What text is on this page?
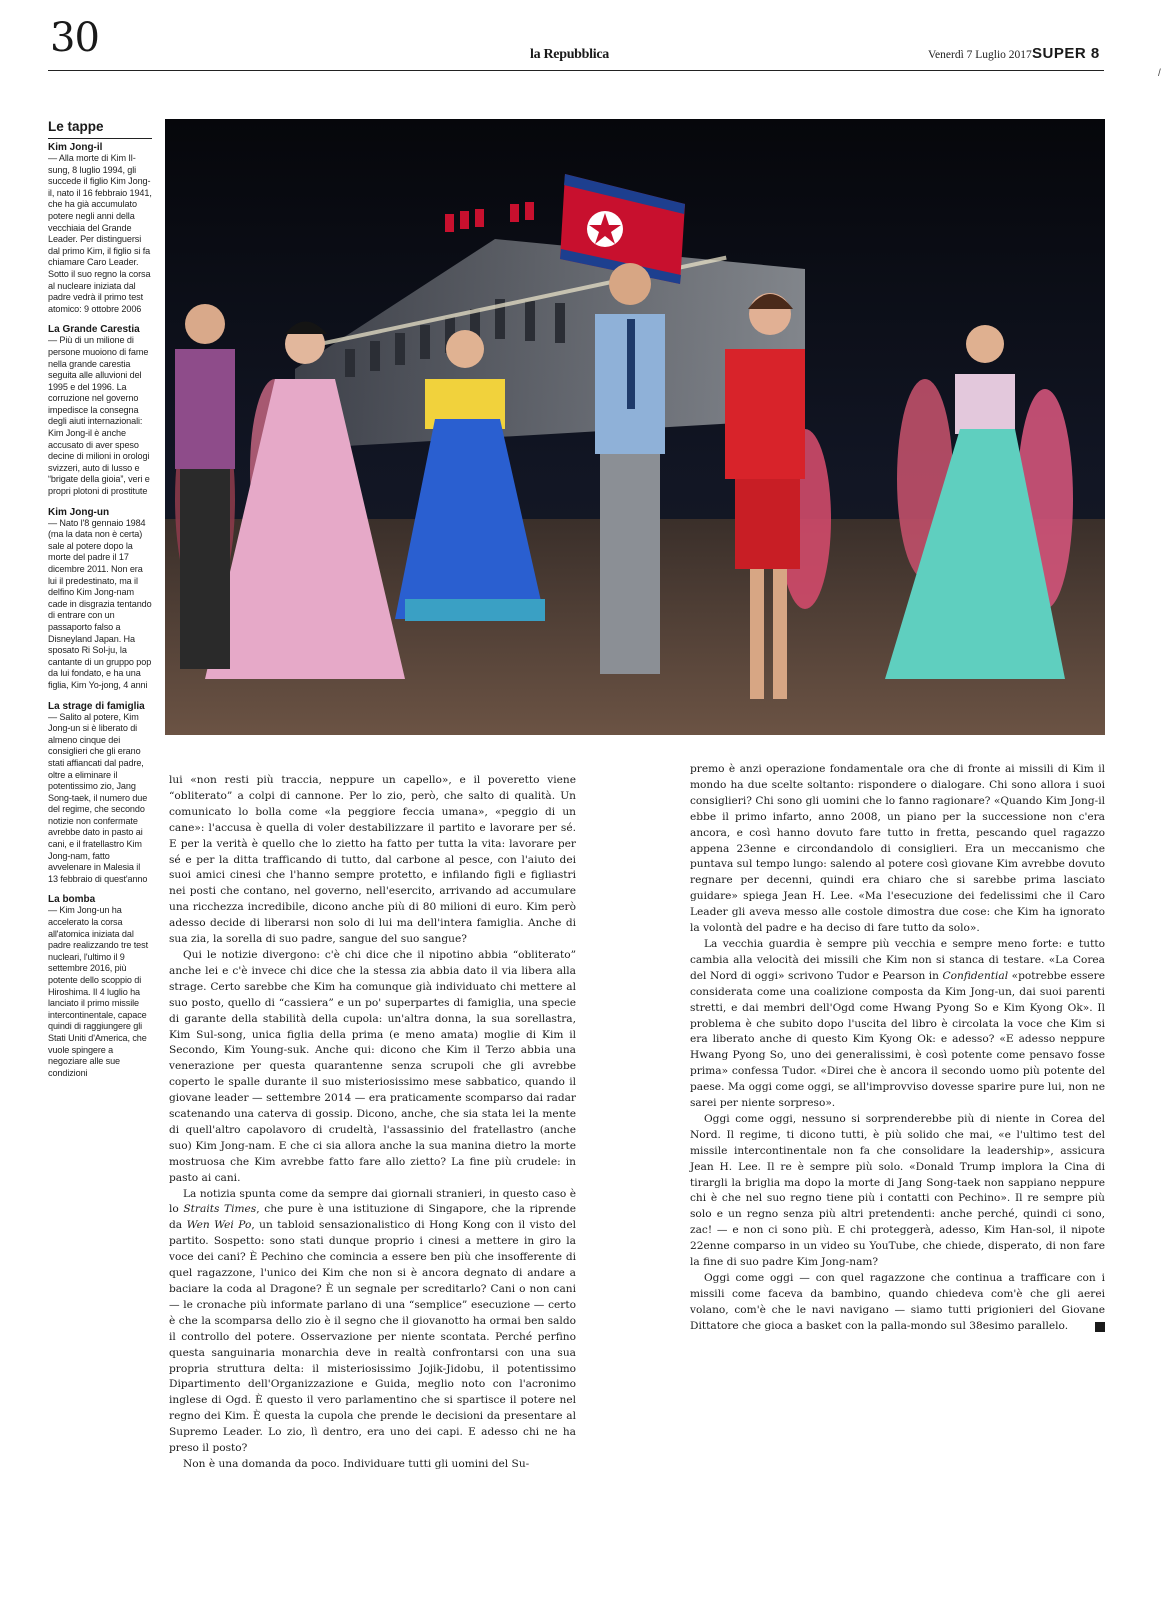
30	la Repubblica	Venerdì 7 Luglio 2017 SUPER 8
/
Le tappe
Kim Jong-il
— Alla morte di Kim Il-sung, 8 luglio 1994, gli succede il figlio Kim Jong-il, nato il 16 febbraio 1941, che ha già accumulato potere negli anni della vecchiaia del Grande Leader. Per distinguersi dal primo Kim, il figlio si fa chiamare Caro Leader. Sotto il suo regno la corsa al nucleare iniziata dal padre vedrà il primo test atomico: 9 ottobre 2006
La Grande Carestia
— Più di un milione di persone muoiono di fame nella grande carestia seguita alle alluvioni del 1995 e del 1996. La corruzione nel governo impedisce la consegna degli aiuti internazionali: Kim Jong-il è anche accusato di aver speso decine di milioni in orologi svizzeri, auto di lusso e “brigate della gioia”, veri e propri plotoni di prostitute
Kim Jong-un
— Nato l'8 gennaio 1984 (ma la data non è certa) sale al potere dopo la morte del padre il 17 dicembre 2011. Non era lui il predestinato, ma il delfino Kim Jong-nam cade in disgrazia tentando di entrare con un passaporto falso a Disneyland Japan. Ha sposato Ri Sol-ju, la cantante di un gruppo pop da lui fondato, e ha una figlia, Kim Yo-jong, 4 anni
La strage di famiglia
— Salito al potere, Kim Jong-un si è liberato di almeno cinque dei consiglieri che gli erano stati affiancati dal padre, oltre a eliminare il potentissimo zio, Jang Song-taek, il numero due del regime, che secondo notizie non confermate avrebbe dato in pasto ai cani, e il fratellastro Kim Jong-nam, fatto avvelenare in Malesia il 13 febbraio di quest'anno
La bomba
— Kim Jong-un ha accelerato la corsa all'atomica iniziata dal padre realizzando tre test nucleari, l'ultimo il 9 settembre 2016, più potente dello scoppio di Hiroshima. Il 4 luglio ha lanciato il primo missile intercontinentale, capace quindi di raggiungere gli Stati Uniti d'America, che vuole spingere a negoziare alle sue condizioni

lui «non resti più traccia, neppure un capello», e il poveretto viene “obliterato” a colpi di cannone. Per lo zio, però, che salto di qualità. Un comunicato lo bolla come «la peggiore feccia umana», «peggio di un cane»: l'accusa è quella di voler destabilizzare il partito e lavorare per sé. E per la verità è quello che lo zietto ha fatto per tutta la vita: lavorare per sé e per la ditta trafficando di tutto, dal carbone al pesce, con l'aiuto dei suoi amici cinesi che l'hanno sempre protetto, e infilando figli e figliastri nei posti che contano, nel governo, nell'esercito, arrivando ad accumulare una ricchezza incredibile, dicono anche più di 80 milioni di euro. Kim però adesso decide di liberarsi non solo di lui ma dell'intera famiglia. Anche di sua zia, la sorella di suo padre, sangue del suo sangue?

Qui le notizie divergono: c'è chi dice che il nipotino abbia “obliterato” anche lei e c'è invece chi dice che la stessa zia abbia dato il via libera alla strage. Certo sarebbe che Kim ha comunque già individuato chi mettere al suo posto, quello di “cassiera” e un po' superpartes di famiglia, una specie di garante della stabilità della cupola: un'altra donna, la sua sorellastra, Kim Sul-song, unica figlia della prima (e meno amata) moglie di Kim il Secondo, Kim Young-suk. Anche qui: dicono che Kim il Terzo abbia una venerazione per questa quarantenne senza scrupoli che gli avrebbe coperto le spalle durante il suo misteriosissimo mese sabbatico, quando il giovane leader — settembre 2014 — era praticamente scomparso dai radar scatenando una caterva di gossip. Dicono, anche, che sia stata lei la mente di quell'altro capolavoro di crudeltà, l'assassinio del fratellastro (anche suo) Kim Jong-nam. E che ci sia allora anche la sua manina dietro la morte mostruosa che Kim avrebbe fatto fare allo zietto? La fine più crudele: in pasto ai cani.

La notizia spunta come da sempre dai giornali stranieri, in questo caso è lo Straits Times, che pure è una istituzione di Singapore, che la riprende da Wen Wei Po, un tabloid sensazionalistico di Hong Kong con il visto del partito. Sospetto: sono stati dunque proprio i cinesi a mettere in giro la voce dei cani? È Pechino che comincia a essere ben più che insofferente di quel ragazzone, l'unico dei Kim che non si è ancora degnato di andare a baciare la coda al Dragone? È un segnale per screditarlo? Cani o non cani — le cronache più informate parlano di una “semplice” esecuzione — certo è che la scomparsa dello zio è il segno che il giovanotto ha ormai ben saldo il controllo del potere. Osservazione per niente scontata. Perché perfino questa sanguinaria monarchia deve in realtà confrontarsi con una sua propria struttura delta: il misteriosissimo Jojik-Jidobu, il potentissimo Dipartimento dell'Organizzazione e Guida, meglio noto con l'acronimo inglese di Ogd. È questo il vero parlamentino che si spartisce il potere nel regno dei Kim. È questa la cupola che prende le decisioni da presentare al Supremo Leader. Lo zio, lì dentro, era uno dei capi. E adesso chi ne ha preso il posto?

Non è una domanda da poco. Individuare tutti gli uomini del Su-

premo è anzi operazione fondamentale ora che di fronte ai missili di Kim il mondo ha due scelte soltanto: rispondere o dialogare. Chi sono allora i suoi consiglieri? Chi sono gli uomini che lo fanno ragionare? «Quando Kim Jong-il ebbe il primo infarto, anno 2008, un piano per la successione non c'era ancora, e così hanno dovuto fare tutto in fretta, pescando quel ragazzo appena 23enne e circondandolo di consiglieri. Era un meccanismo che puntava sul tempo lungo: salendo al potere così giovane Kim avrebbe dovuto regnare per decenni, quindi era chiaro che si sarebbe prima lasciato guidare» spiega Jean H. Lee. «Ma l'esecuzione dei fedelissimi che il Caro Leader gli aveva messo alle costole dimostra due cose: che Kim ha ignorato la volontà del padre e ha deciso di fare tutto da solo».

La vecchia guardia è sempre più vecchia e sempre meno forte: e tutto cambia alla velocità dei missili che Kim non si stanca di testare. «La Corea del Nord di oggi» scrivono Tudor e Pearson in Confidential «potrebbe essere considerata come una coalizione composta da Kim Jong-un, dai suoi parenti stretti, e dai membri dell'Ogd come Hwang Pyong So e Kim Kyong Ok». Il problema è che subito dopo l'uscita del libro è circolata la voce che Kim si era liberato anche di questo Kim Kyong Ok: e adesso? «E adesso neppure Hwang Pyong So, uno dei generalissimi, è così potente come pensavo fosse prima» confessa Tudor. «Direi che è ancora il secondo uomo più potente del paese. Ma oggi come oggi, se all'improvviso dovesse sparire pure lui, non ne sarei per niente sorpreso».

Oggi come oggi, nessuno si sorprenderebbe più di niente in Corea del Nord. Il regime, ti dicono tutti, è più solido che mai, «e l'ultimo test del missile intercontinentale non fa che consolidare la leadership», assicura Jean H. Lee. Il re è sempre più solo. «Donald Trump implora la Cina di tirargli la briglia ma dopo la morte di Jang Song-taek non sappiano neppure chi è che nel suo regno tiene più i contatti con Pechino». Il re sempre più solo e un regno senza più altri pretendenti: anche perché, quindi ci sono, zac! — e non ci sono più. E chi proteggerà, adesso, Kim Han-sol, il nipote 22enne comparso in un video su YouTube, che chiede, disperato, di non fare la fine di suo padre Kim Jong-nam?

Oggi come oggi — con quel ragazzone che continua a trafficare con i missili come faceva da bambino, quando chiedeva com'è che gli aerei volano, com'è che le navi navigano — siamo tutti prigionieri del Giovane Dittatore che gioca a basket con la palla-mondo sul 38esimo parallelo.
